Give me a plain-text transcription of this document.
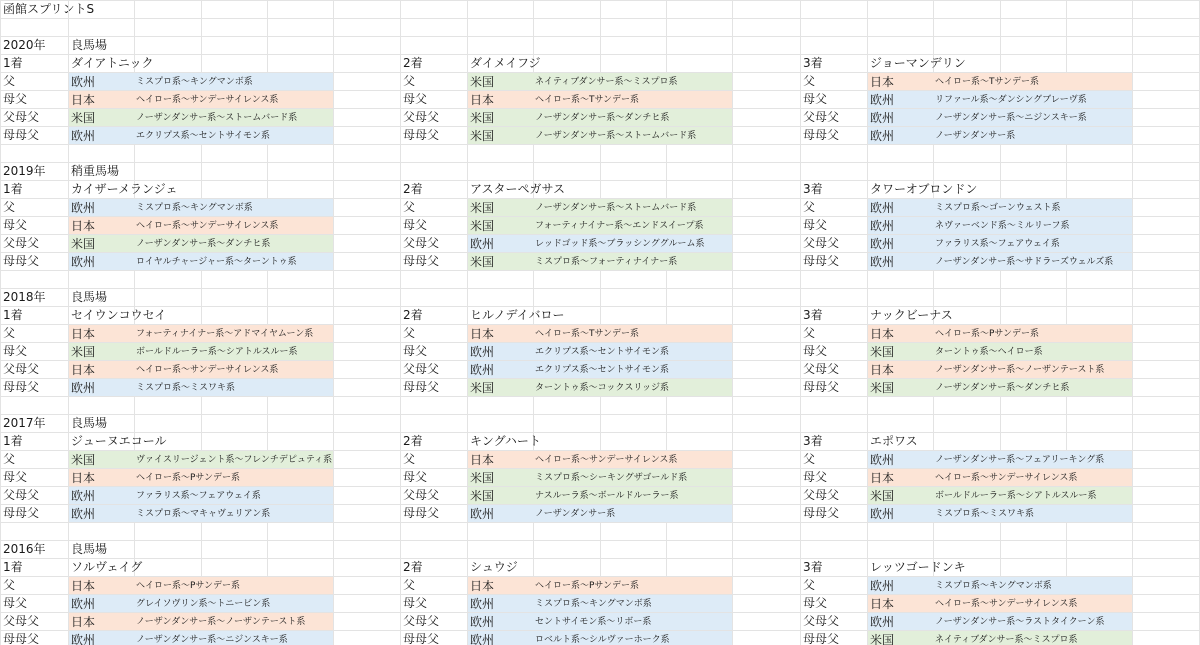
函館スプリントS
2020年	良馬場
1着	ダイアトニック
父	欧州	ミスプロ系～キングマンボ系
母父	日本	ヘイロー系～サンデーサイレンス系
父母父	米国	ノーザンダンサー系～ストームバード系
母母父	欧州	エクリプス系～セントサイモン系
2着	ダイメイフジ
父	米国	ネイティブダンサー系～ミスプロ系
母父	日本	ヘイロー系～Tサンデー系
父母父	米国	ノーザンダンサー系～ダンチヒ系
母母父	米国	ノーザンダンサー系～ストームバード系
3着	ジョーマンデリン
父	日本	ヘイロー系～Tサンデー系
母父	欧州	リファール系～ダンシングブレーヴ系
父母父	欧州	ノーザンダンサー系～ニジンスキー系
母母父	欧州	ノーザンダンサー系
2019年	稍重馬場
1着	カイザーメランジェ
父	欧州	ミスプロ系～キングマンボ系
母父	日本	ヘイロー系～サンデーサイレンス系
父母父	米国	ノーザンダンサー系～ダンチヒ系
母母父	欧州	ロイヤルチャージャー系～ターントゥ系
2着	アスターペガサス
父	米国	ノーザンダンサー系～ストームバード系
母父	米国	フォーティナイナー系～エンドスイープ系
父母父	欧州	レッドゴッド系～ブラッシンググルーム系
母母父	米国	ミスプロ系～フォーティナイナー系
3着	タワーオブロンドン
父	欧州	ミスプロ系～ゴーンウェスト系
母父	欧州	ネヴァーベンド系～ミルリーフ系
父母父	欧州	ファラリス系～フェアウェイ系
母母父	欧州	ノーザンダンサー系～サドラーズウェルズ系
2018年	良馬場
1着	セイウンコウセイ
父	日本	フォーティナイナー系～アドマイヤムーン系
母父	米国	ボールドルーラー系～シアトルスルー系
父母父	日本	ヘイロー系～サンデーサイレンス系
母母父	欧州	ミスプロ系～ミスワキ系
2着	ヒルノデイバロー
父	日本	ヘイロー系～Tサンデー系
母父	欧州	エクリプス系～セントサイモン系
父母父	欧州	エクリプス系～セントサイモン系
母母父	米国	ターントゥ系～コックスリッジ系
3着	ナックビーナス
父	日本	ヘイロー系～Pサンデー系
母父	米国	ターントゥ系～ヘイロー系
父母父	日本	ノーザンダンサー系～ノーザンテースト系
母母父	米国	ノーザンダンサー系～ダンチヒ系
2017年	良馬場
1着	ジューヌエコール
父	米国	ヴァイスリージェント系～フレンチデピュティ系
母父	日本	ヘイロー系～Pサンデー系
父母父	欧州	ファラリス系～フェアウェイ系
母母父	欧州	ミスプロ系～マキャヴェリアン系
2着	キングハート
父	日本	ヘイロー系～サンデーサイレンス系
母父	米国	ミスプロ系～シーキングザゴールド系
父母父	米国	ナスルーラ系～ボールドルーラー系
母母父	欧州	ノーザンダンサー系
3着	エポワス
父	欧州	ノーザンダンサー系～フェアリーキング系
母父	日本	ヘイロー系～サンデーサイレンス系
父母父	米国	ボールドルーラー系～シアトルスルー系
母母父	欧州	ミスプロ系～ミスワキ系
2016年	良馬場
1着	ソルヴェイグ
父	日本	ヘイロー系～Pサンデー系
母父	欧州	グレイソヴリン系～トニービン系
父母父	日本	ノーザンダンサー系～ノーザンテースト系
母母父	欧州	ノーザンダンサー系～ニジンスキー系
2着	シュウジ
父	日本	ヘイロー系～Pサンデー系
母父	欧州	ミスプロ系～キングマンボ系
父母父	欧州	セントサイモン系～リボー系
母母父	欧州	ロベルト系～シルヴァーホーク系
3着	レッツゴードンキ
父	欧州	ミスプロ系～キングマンボ系
母父	日本	ヘイロー系～サンデーサイレンス系
父母父	欧州	ノーザンダンサー系～ラストタイクーン系
母母父	米国	ネイティブダンサー系～ミスプロ系
